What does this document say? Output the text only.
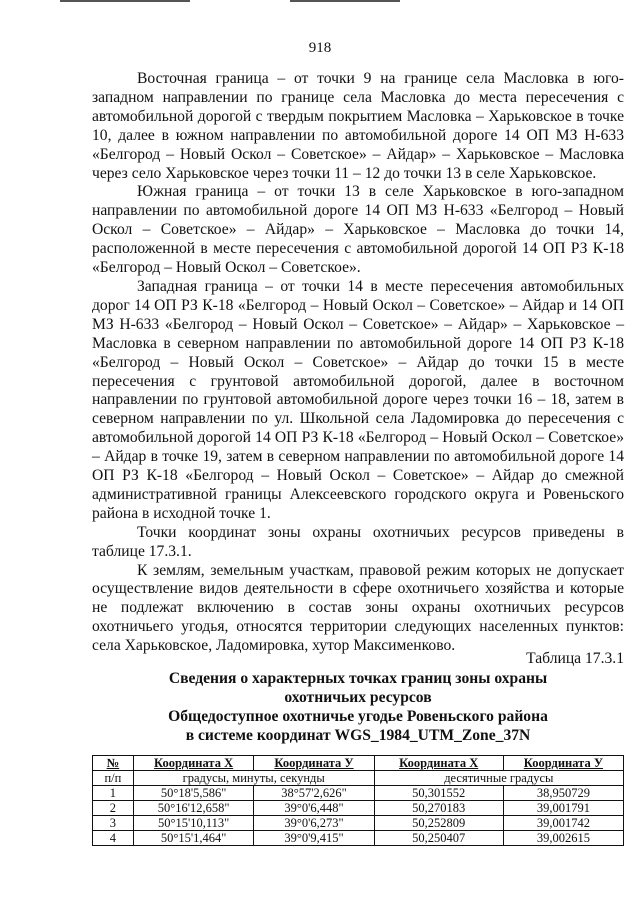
918

Восточная граница – от точки 9 на границе села Масловка в юго-западном направлении по границе села Масловка до места пересечения с автомобильной дорогой с твердым покрытием Масловка – Харьковское в точке 10, далее в южном направлении по автомобильной дороге 14 ОП МЗ Н-633 «Белгород – Новый Оскол – Советское» – Айдар» – Харьковское – Масловка через село Харьковское через точки 11 – 12 до точки 13 в селе Харьковское.

Южная граница – от точки 13 в селе Харьковское в юго-западном направлении по автомобильной дороге 14 ОП МЗ Н-633 «Белгород – Новый Оскол – Советское» – Айдар» – Харьковское – Масловка до точки 14, расположенной в месте пересечения с автомобильной дорогой 14 ОП РЗ К-18 «Белгород – Новый Оскол – Советское».

Западная граница – от точки 14 в месте пересечения автомобильных дорог 14 ОП РЗ К-18 «Белгород – Новый Оскол – Советское» – Айдар и 14 ОП МЗ Н-633 «Белгород – Новый Оскол – Советское» – Айдар» – Харьковское – Масловка в северном направлении по автомобильной дороге 14 ОП РЗ К-18 «Белгород – Новый Оскол – Советское» – Айдар до точки 15 в месте пересечения с грунтовой автомобильной дорогой, далее в восточном направлении по грунтовой автомобильной дороге через точки 16 – 18, затем в северном направлении по ул. Школьной села Ладомировка до пересечения с автомобильной дорогой 14 ОП РЗ К-18 «Белгород – Новый Оскол – Советское» – Айдар в точке 19, затем в северном направлении по автомобильной дороге 14 ОП РЗ К-18 «Белгород – Новый Оскол – Советское» – Айдар до смежной административной границы Алексеевского городского округа и Ровеньского района в исходной точке 1.

Точки координат зоны охраны охотничьих ресурсов приведены в таблице 17.3.1.

К землям, земельным участкам, правовой режим которых не допускает осуществление видов деятельности в сфере охотничьего хозяйства и которые не подлежат включению в состав зоны охраны охотничьих ресурсов охотничьего угодья, относятся территории следующих населенных пунктов: села Харьковское, Ладомировка, хутор Максименково.

Таблица 17.3.1
Сведения о характерных точках границ зоны охраны
охотничьих ресурсов
Общедоступное охотничье угодье Ровеньского района
в системе координат WGS_1984_UTM_Zone_37N
№	Координата X	Координата У	Координата X	Координата У
п/п	градусы, минуты, секунды		десятичные градусы	
1	50°18'5,586"	38°57'2,626"	50,301552	38,950729
2	50°16'12,658"	39°0'6,448"	50,270183	39,001791
3	50°15'10,113"	39°0'6,273"	50,252809	39,001742
4	50°15'1,464"	39°0'9,415"	50,250407	39,002615
